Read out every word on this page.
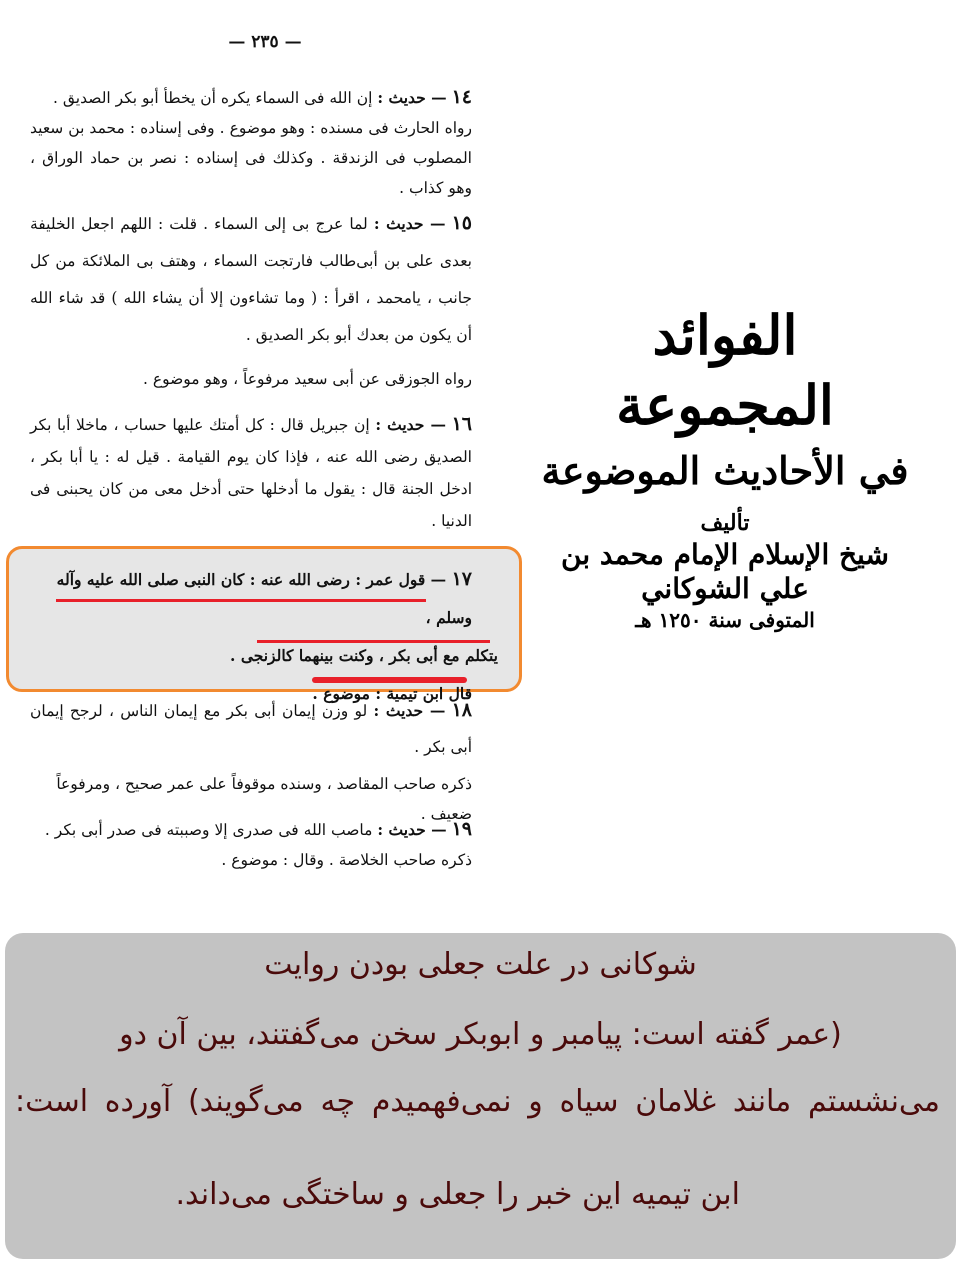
— ٢٣٥ —

١٤ — حديث : إن الله فى السماء يكره أن يخطأ أبو بكر الصديق .

رواه الحارث فى مسنده : وهو موضوع . وفى إسناده : محمد بن سعيد المصلوب فى الزندقة . وكذلك فى إسناده : نصر بن حماد الوراق ، وهو كذاب .

١٥ — حديث : لما عرج بى إلى السماء . قلت : اللهم اجعل الخليفة بعدى على بن أبى‌طالب فارتجت السماء ، وهتف بى الملائكة من كل جانب ، يامحمد ، اقرأ : ( وما تشاءون إلا أن يشاء الله ) قد شاء الله أن يكون من بعدك أبو بكر الصديق .

رواه الجوزقى عن أبى سعيد مرفوعاً ، وهو موضوع .

١٦ — حديث : إن جبريل قال : كل أمتك عليها حساب ، ماخلا أبا بكر الصديق رضى الله عنه ، فإذا كان يوم القيامة . قيل له : يا أبا بكر ، ادخل الجنة قال : يقول ما أدخلها حتى أدخل معى من كان يحبنى فى الدنيا .

١٧ — قول عمر : رضى الله عنه : كان النبى صلى الله عليه وآله وسلم ،

يتكلم مع أبى بكر ، وكنت بينهما كالزنجى .

قال ابن تيمية : موضوع .

١٨ — حديث : لو وزن إيمان أبى بكر مع إيمان الناس ، لرجح إيمان أبى بكر .

ذكره صاحب المقاصد ، وسنده موقوفاً على عمر صحيح ، ومرفوعاً ضعيف .

١٩ — حديث : ماصب الله فى صدرى إلا وصببته فى صدر أبى بكر .

ذكره صاحب الخلاصة . وقال : موضوع .

الفوائد المجموعة
في الأحاديث الموضوعة
تأليف
شيخ الإسلام الإمام محمد بن علي الشوكاني
المتوفى سنة ١٢٥٠ هـ
شوکانی در علت جعلی بودن روایت
(عمر گفته است: پیامبر و ابوبکر سخن می‌گفتند، بین آن دو
می‌نشستم مانند غلامان سیاه و نمی‌فهمیدم چه می‌گویند) آورده است:
ابن تیمیه این خبر را جعلی و ساختگی می‌داند.
